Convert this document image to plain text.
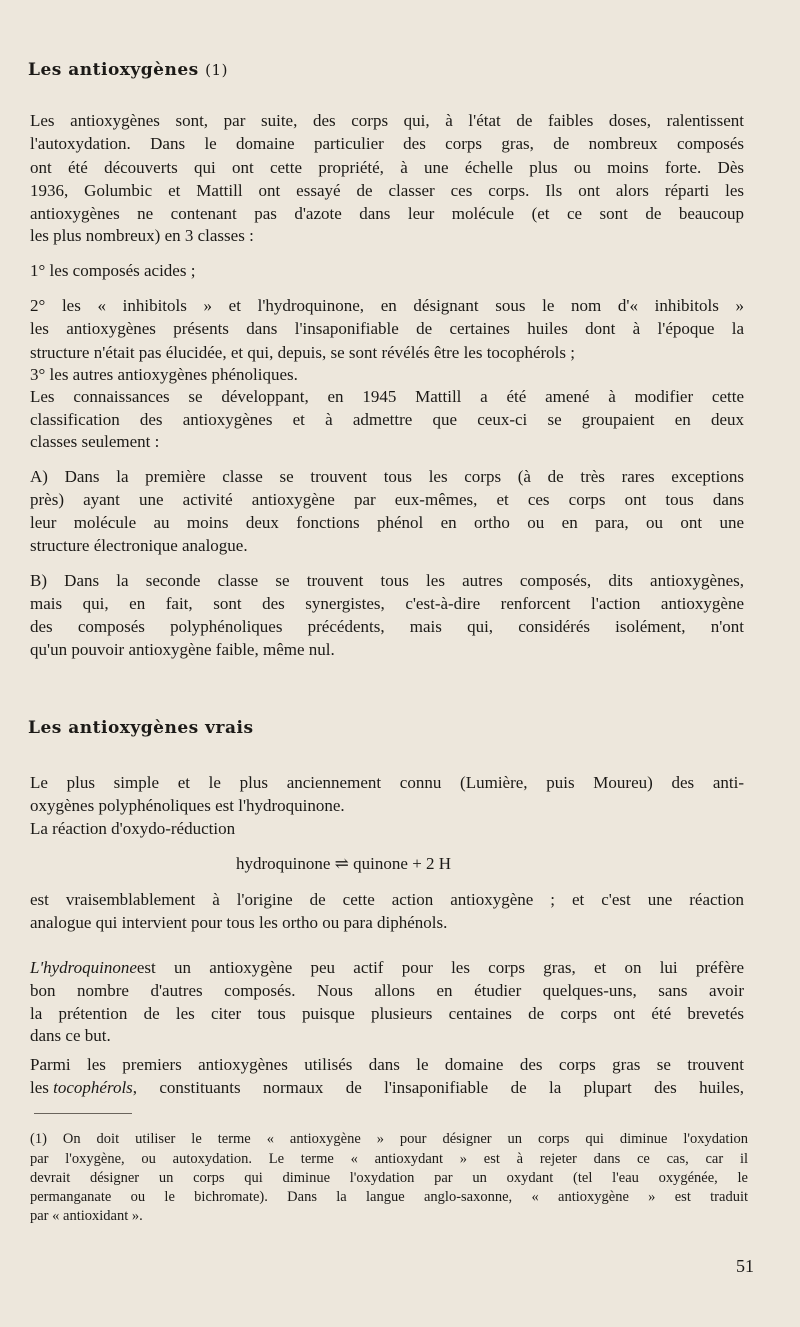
Les antioxygènes (1)
Les antioxygènes sont, par suite, des corps qui, à l'état de faibles doses, ralentissent
l'autoxydation. Dans le domaine particulier des corps gras, de nombreux composés
ont été découverts qui ont cette propriété, à une échelle plus ou moins forte. Dès
1936, Golumbic et Mattill ont essayé de classer ces corps. Ils ont alors réparti les
antioxygènes ne contenant pas d'azote dans leur molécule (et ce sont de beaucoup
les plus nombreux) en 3 classes :
1° les composés acides ;
2° les « inhibitols » et l'hydroquinone, en désignant sous le nom d'« inhibitols »
les antioxygènes présents dans l'insaponifiable de certaines huiles dont à l'époque la
structure n'était pas élucidée, et qui, depuis, se sont révélés être les tocophérols ;
3° les autres antioxygènes phénoliques.
Les connaissances se développant, en 1945 Mattill a été amené à modifier cette
classification des antioxygènes et à admettre que ceux-ci se groupaient en deux
classes seulement :
A) Dans la première classe se trouvent tous les corps (à de très rares exceptions
près) ayant une activité antioxygène par eux-mêmes, et ces corps ont tous dans
leur molécule au moins deux fonctions phénol en ortho ou en para, ou ont une
structure électronique analogue.
B) Dans la seconde classe se trouvent tous les autres composés, dits antioxygènes,
mais qui, en fait, sont des synergistes, c'est-à-dire renforcent l'action antioxygène
des composés polyphénoliques précédents, mais qui, considérés isolément, n'ont
qu'un pouvoir antioxygène faible, même nul.
Les antioxygènes vrais
Le plus simple et le plus anciennement connu (Lumière, puis Moureu) des anti-
oxygènes polyphénoliques est l'hydroquinone.
La réaction d'oxydo-réduction
hydroquinone ⇌ quinone + 2 H
est vraisemblablement à l'origine de cette action antioxygène ; et c'est une réaction
analogue qui intervient pour tous les ortho ou para diphénols.
L'hydroquinone est un antioxygène peu actif pour les corps gras, et on lui préfère
bon nombre d'autres composés. Nous allons en étudier quelques-uns, sans avoir
la prétention de les citer tous puisque plusieurs centaines de corps ont été brevetés
dans ce but.
Parmi les premiers antioxygènes utilisés dans le domaine des corps gras se trouvent
les tocophérols , constituants normaux de l'insaponifiable de la plupart des huiles,
(1) On doit utiliser le terme « antioxygène » pour désigner un corps qui diminue l'oxydation
par l'oxygène, ou autoxydation. Le terme « antioxydant » est à rejeter dans ce cas, car il
devrait désigner un corps qui diminue l'oxydation par un oxydant (tel l'eau oxygénée, le
permanganate ou le bichromate). Dans la langue anglo-saxonne, « antioxygène » est traduit
par « antioxidant ».
51
